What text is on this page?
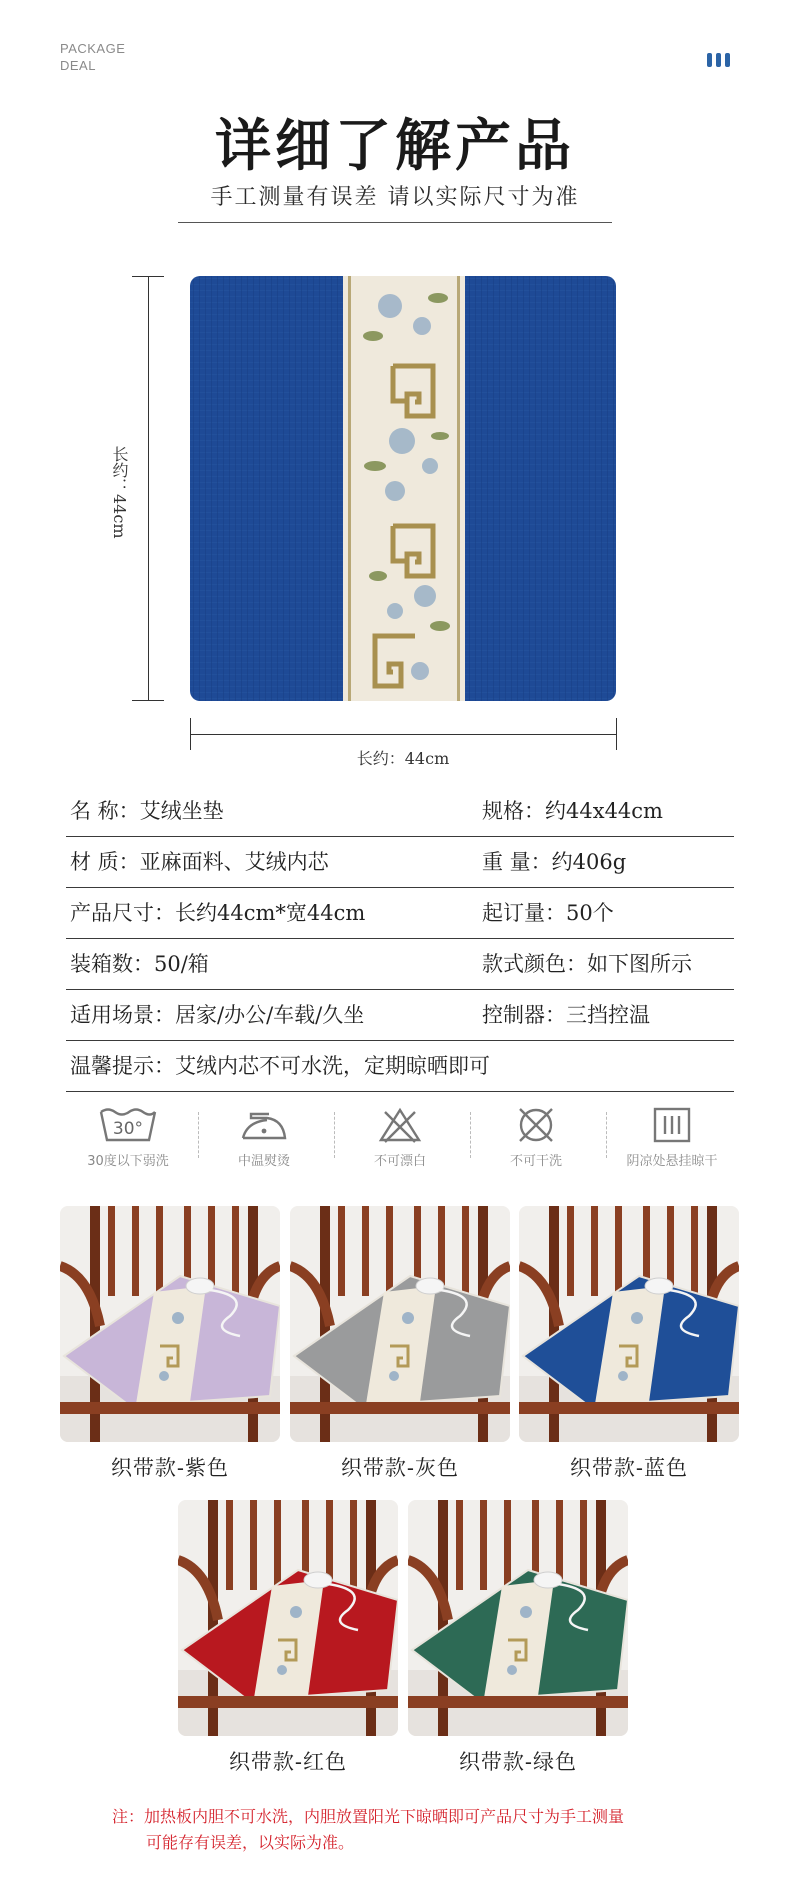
PACKAGE
DEAL
详细了解产品
手工测量有误差 请以实际尺寸为准
长约：44cm
长约：44cm
名 称：艾绒坐垫	规格：约44x44cm
材 质：亚麻面料、艾绒内芯	重 量：约406g
产品尺寸：长约44cm*宽44cm	起订量：50个
装箱数：50/箱	款式颜色：如下图所示
适用场景：居家/办公/车载/久坐	控制器：三挡控温
温馨提示：艾绒内芯不可水洗，定期晾晒即可
30°
30度以下弱洗	中温熨烫	不可漂白	不可干洗	阴凉处悬挂晾干
织带款-紫色	织带款-灰色	织带款-蓝色
织带款-红色	织带款-绿色
注：加热板内胆不可水洗，内胆放置阳光下晾晒即可产品尺寸为手工测量
可能存有误差，以实际为准。
